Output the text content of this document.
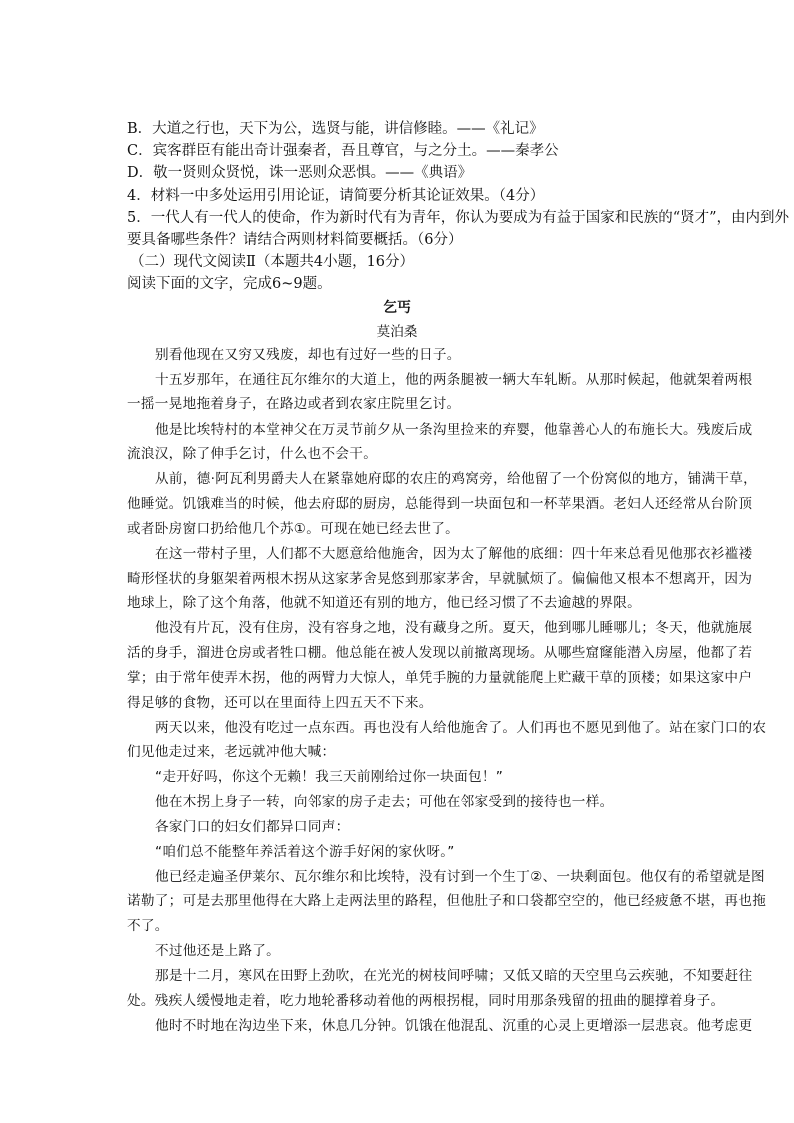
B．大道之行也，天下为公，选贤与能，讲信修睦。——《礼记》
C．宾客群臣有能出奇计强秦者，吾且尊官，与之分土。——秦孝公
D．敬一贤则众贤悦，诛一恶则众恶惧。——《典语》
4．材料一中多处运用引用论证，请简要分析其论证效果。（4分）
5．一代人有一代人的使命，作为新时代有为青年，你认为要成为有益于国家和民族的“贤才”，由内到外
要具备哪些条件？请结合两则材料简要概括。（6分）
（二）现代文阅读Ⅱ（本题共4小题，16分）
阅读下面的文字，完成6~9题。
乞丐
莫泊桑
别看他现在又穷又残废，却也有过好一些的日子。
十五岁那年，在通往瓦尔维尔的大道上，他的两条腿被一辆大车轧断。从那时候起，他就架着两根
一摇一晃地拖着身子，在路边或者到农家庄院里乞讨。
他是比埃特村的本堂神父在万灵节前夕从一条沟里捡来的弃婴，他靠善心人的布施长大。残废后成
流浪汉，除了伸手乞讨，什么也不会干。
从前，德·阿瓦利男爵夫人在紧靠她府邸的农庄的鸡窝旁，给他留了一个份窝似的地方，铺满干草，
他睡觉。饥饿难当的时候，他去府邸的厨房，总能得到一块面包和一杯苹果酒。老妇人还经常从台阶顶
或者卧房窗口扔给他几个苏①。可现在她已经去世了。
在这一带村子里，人们都不大愿意给他施舍，因为太了解他的底细：四十年来总看见他那衣衫褴褛
畸形怪状的身躯架着两根木拐从这家茅舍晃悠到那家茅舍，早就腻烦了。偏偏他又根本不想离开，因为
地球上，除了这个角落，他就不知道还有别的地方，他已经习惯了不去逾越的界限。
他没有片瓦，没有住房，没有容身之地，没有藏身之所。夏天，他到哪儿睡哪儿；冬天，他就施展
活的身手，溜进仓房或者牲口棚。他总能在被人发现以前撤离现场。从哪些窟窿能潜入房屋，他都了若
掌；由于常年使弄木拐，他的两臂力大惊人，单凭手腕的力量就能爬上贮藏干草的顶楼；如果这家中户
得足够的食物，还可以在里面待上四五天不下来。
两天以来，他没有吃过一点东西。再也没有人给他施舍了。人们再也不愿见到他了。站在家门口的农
们见他走过来，老远就冲他大喊：
“走开好吗，你这个无赖！我三天前刚给过你一块面包！”
他在木拐上身子一转，向邻家的房子走去；可他在邻家受到的接待也一样。
各家门口的妇女们都异口同声：
“咱们总不能整年养活着这个游手好闲的家伙呀。”
他已经走遍圣伊莱尔、瓦尔维尔和比埃特，没有讨到一个生丁②、一块剩面包。他仅有的希望就是图
诺勒了；可是去那里他得在大路上走两法里的路程，但他肚子和口袋都空空的，他已经疲惫不堪，再也拖
不了。
不过他还是上路了。
那是十二月，寒风在田野上劲吹，在光光的树枝间呼啸；又低又暗的天空里乌云疾驰，不知要赶往
处。残疾人缓慢地走着，吃力地轮番移动着他的两根拐棍，同时用那条残留的扭曲的腿撑着身子。
他时不时地在沟边坐下来，休息几分钟。饥饿在他混乱、沉重的心灵上更增添一层悲哀。他考虑更
